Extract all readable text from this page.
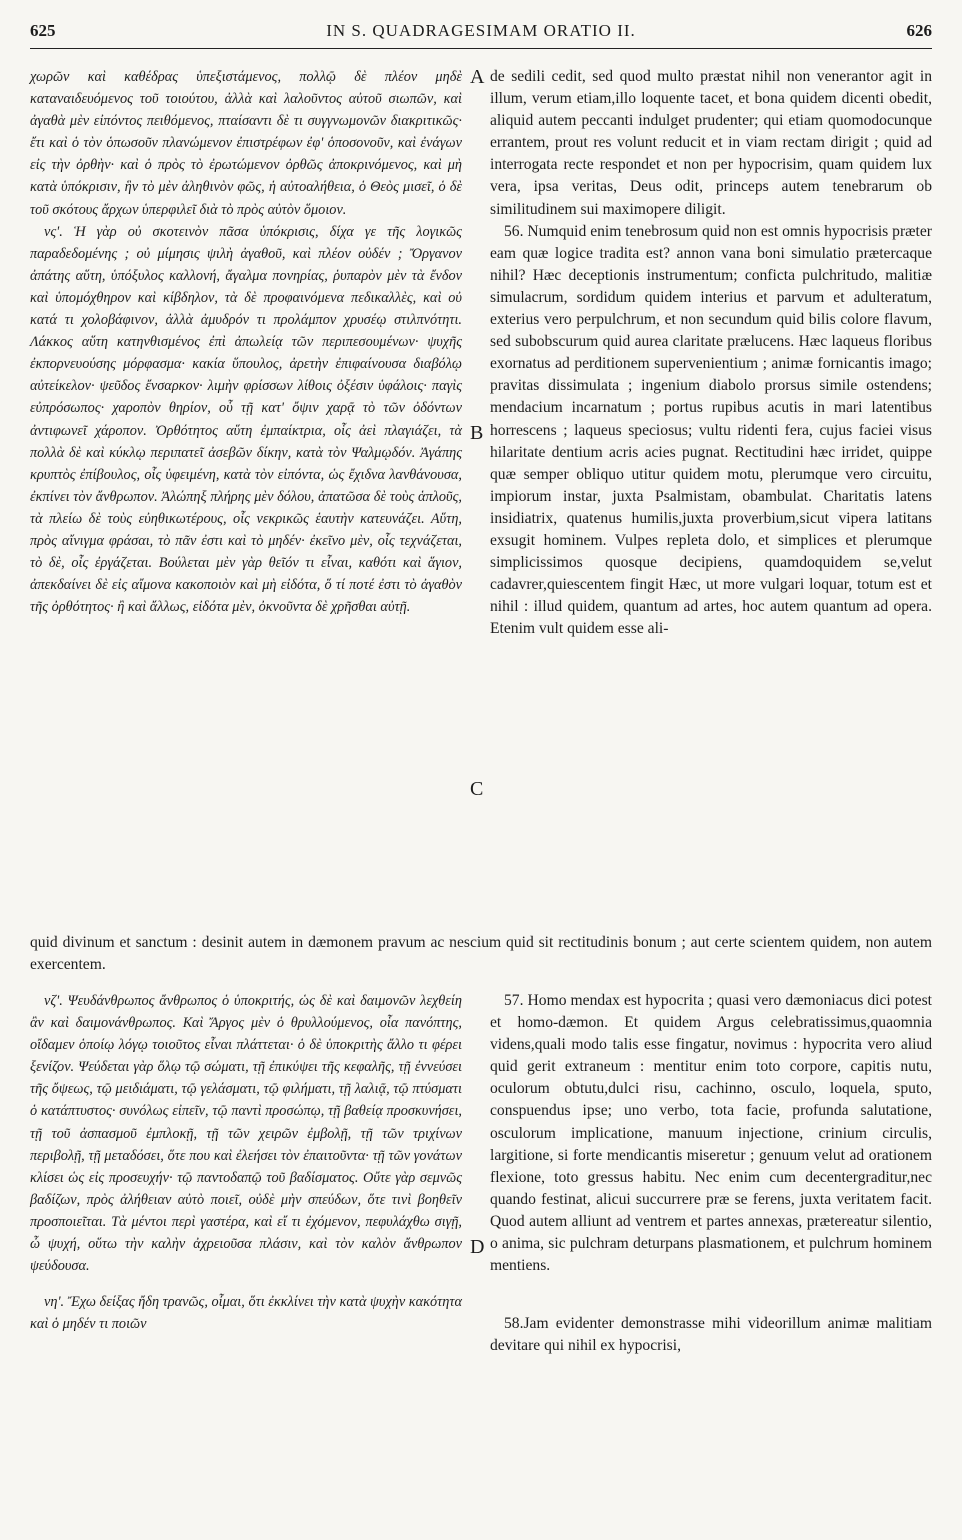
625	IN S. QUADRAGESIMAM ORATIO II.	626

χωρῶν καὶ καθέδρας ὑπεξιστάμενος, πολλῷ δὲ πλέον μηδὲ καταναιδευόμενος τοῦ τοιούτου, ἀλλὰ καὶ λαλοῦντος αὐτοῦ σιωπῶν, καὶ ἀγαθὰ μὲν εἰπόντος πειθόμενος, πταίσαντι δὲ τι συγγνωμονῶν διακριτικῶς· ἔτι καὶ ὁ τὸν ὁπωσοῦν πλανώμενον ἐπιστρέφων ἐφ' ὁποσονοῦν, καὶ ἐνάγων εἰς τὴν ὀρθὴν· καὶ ὁ πρὸς τὸ ἐρωτώμενον ὀρθῶς ἀποκρινόμενος, καὶ μὴ κατὰ ὑπόκρισιν, ἣν τὸ μὲν ἀληθινὸν φῶς, ἡ αὐτοαλήθεια, ὁ Θεὸς μισεῖ, ὁ δὲ τοῦ σκότους ἄρχων ὑπερφιλεῖ διὰ τὸ πρὸς αὐτὸν ὅμοιον.

νς'. Ἡ γὰρ οὐ σκοτεινὸν πᾶσα ὑπόκρισις, δίχα γε τῆς λογικῶς παραδεδομένης ; οὐ μίμησις ψιλὴ ἀγαθοῦ, καὶ πλέον οὐδέν ; Ὄργανον ἀπάτης αὕτη, ὑπόξυλος καλλονή, ἄγαλμα πονηρίας, ῥυπαρὸν μὲν τὰ ἔνδον καὶ ὑπομόχθηρον καὶ κίβδηλον, τὰ δὲ προφαινόμενα πεδικαλλὲς, καὶ οὐ κατά τι χολοβάφινον, ἀλλὰ ἀμυδρόν τι προλάμπον χρυσέῳ στιλπνότητι. Λάκκος αὕτη κατηνθισμένος ἐπὶ ἀπωλείᾳ τῶν περιπεσουμένων· ψυχῆς ἐκπορνευούσης μόρφασμα· κακία ὕπουλος, ἀρετὴν ἐπιφαίνουσα διαβόλῳ αὐτείκελον· ψεῦδος ἔνσαρκον· λιμὴν φρίσσων λίθοις ὀξέσιν ὑφάλοις· παγὶς εὐπρόσωπος· χαροπὸν θηρίον, οὗ τῇ κατ' ὄψιν χαρᾷ τὸ τῶν ὀδόντων ἀντιφωνεῖ χάροπον. Ὀρθότητος αὕτη ἐμπαίκτρια, οἷς ἀεὶ πλαγιάζει, τὰ πολλὰ δὲ καὶ κύκλῳ περιπατεῖ ἀσεβῶν δίκην, κατὰ τὸν Ψαλμῳδόν. Ἀγάπης κρυπτὸς ἐπίβουλος, οἷς ὑφειμένη, κατὰ τὸν εἰπόντα, ὡς ἔχιδνα λανθάνουσα, ἐκπίνει τὸν ἄνθρωπον. Ἀλώπηξ πλήρης μὲν δόλου, ἀπατῶσα δὲ τοὺς ἁπλοῦς, τὰ πλείω δὲ τοὺς εὐηθικωτέρους, οἷς νεκρικῶς ἑαυτὴν κατευνάζει. Αὕτη, πρὸς αἴνιγμα φράσαι, τὸ πᾶν ἐστι καὶ τὸ μηδέν· ἐκεῖνο μὲν, οἷς τεχνάζεται, τὸ δὲ, οἷς ἐργάζεται. Βούλεται μὲν γὰρ θεῖόν τι εἶναι, καθότι καὶ ἅγιον, ἀπεκδαίνει δὲ εἰς αἴμονα κακοποιὸν καὶ μὴ εἰδότα, ὅ τί ποτέ ἐστι τὸ ἀγαθὸν τῆς ὀρθότητος· ἢ καὶ ἄλλως, εἰδότα μὲν, ὀκνοῦντα δὲ χρῆσθαι αὐτῇ.

A
B
C

de sedili cedit, sed quod multo præstat nihil non venerantor agit in illum, verum etiam,illo loquente tacet, et bona quidem dicenti obedit, aliquid autem peccanti indulget prudenter; qui etiam quomodocunque errantem, prout res volunt reducit et in viam rectam dirigit ; quid ad interrogata recte respondet et non per hypocrisim, quam quidem lux vera, ipsa veritas, Deus odit, princeps autem tenebrarum ob similitudinem sui maximopere diligit.

56. Numquid enim tenebrosum quid non est omnis hypocrisis præter eam quæ logice tradita est? annon vana boni simulatio prætercaque nihil? Hæc deceptionis instrumentum; conficta pulchritudo, malitiæ simulacrum, sordidum quidem interius et parvum et adulteratum, exterius vero perpulchrum, et non secundum quid bilis colore flavum, sed subobscurum quid aurea claritate prælucens. Hæc laqueus floribus exornatus ad perditionem supervenientium ; animæ fornicantis imago; pravitas dissimulata ; ingenium diabolo prorsus simile ostendens; mendacium incarnatum ; portus rupibus acutis in mari latentibus horrescens ; laqueus speciosus; vultu ridenti fera, cujus faciei visus hilaritate dentium acris acies pugnat. Rectitudini hæc irridet, quippe quæ semper obliquo utitur quidem motu, plerumque vero circuitu, impiorum instar, juxta Psalmistam, obambulat. Charitatis latens insidiatrix, quatenus humilis,juxta proverbium,sicut vipera latitans exsugit hominem. Vulpes repleta dolo, et simplices et plerumque simplicissimos quosque decipiens, quamdoquidem se,velut cadavrer,quiescentem fingit Hæc, ut more vulgari loquar, totum est et nihil : illud quidem, quantum ad artes, hoc autem quantum ad opera. Etenim vult quidem esse ali-

quid divinum et sanctum : desinit autem in dæmonem pravum ac nescium quid sit rectitudinis bonum ; aut certe scientem quidem, non autem exercentem.

νζ'. Ψευδάνθρωπος ἄνθρωπος ὁ ὑποκριτής, ὡς δὲ καὶ δαιμονῶν λεχθείη ἂν καὶ δαιμονάνθρωπος. Καὶ Ἄργος μὲν ὁ θρυλλούμενος, οἷα πανόπτης, οἴδαμεν ὁποίῳ λόγῳ τοιοῦτος εἶναι πλάττεται· ὁ δὲ ὑποκριτὴς ἄλλο τι φέρει ξενίζον. Ψεύδεται γὰρ ὅλῳ τῷ σώματι, τῇ ἐπικύψει τῆς κεφαλῆς, τῇ ἐννεύσει τῆς ὄψεως, τῷ μειδιάματι, τῷ γελάσματι, τῷ φιλήματι, τῇ λαλιᾷ, τῷ πτύσματι ὁ κατάπτυστος· συνόλως εἰπεῖν, τῷ παντὶ προσώπῳ, τῇ βαθείᾳ προσκυνήσει, τῇ τοῦ ἀσπασμοῦ ἐμπλοκῇ, τῇ τῶν χειρῶν ἐμβολῇ, τῇ τῶν τριχίνων περιβολῇ, τῇ μεταδόσει, ὅτε που καὶ ἐλεήσει τὸν ἐπαιτοῦντα· τῇ τῶν γονάτων κλίσει ὡς εἰς προσευχήν· τῷ παντοδαπῷ τοῦ βαδίσματος. Οὔτε γὰρ σεμνῶς βαδίζων, πρὸς ἀλήθειαν αὐτὸ ποιεῖ, οὐδὲ μὴν σπεύδων, ὅτε τινὶ βοηθεῖν προσποιεῖται. Τὰ μέντοι περὶ γαστέρα, καὶ εἴ τι ἐχόμενον, πεφυλάχθω σιγῇ, ὦ ψυχή, οὕτω τὴν καλὴν ἀχρειοῦσα πλάσιν, καὶ τὸν καλὸν ἄνθρωπον ψεύδουσα.

νη'. Ἔχω δείξας ἤδη τρανῶς, οἶμαι, ὅτι ἐκκλίνει τὴν κατὰ ψυχὴν κακότητα καὶ ὁ μηδέν τι ποιῶν

D

57. Homo mendax est hypocrita ; quasi vero dæmoniacus dici potest et homo-dæmon. Et quidem Argus celebratissimus,quaomnia videns,quali modo talis esse fingatur, novimus : hypocrita vero aliud quid gerit extraneum : mentitur enim toto corpore, capitis nutu, oculorum obtutu,dulci risu, cachinno, osculo, loquela, sputo, conspuendus ipse; uno verbo, tota facie, profunda salutatione, osculorum implicatione, manuum injectione, crinium circulis, largitione, si forte mendicantis miseretur ; genuum velut ad orationem flexione, toto gressus habitu. Nec enim cum decentergraditur,nec quando festinat, alicui succurrere præ se ferens, juxta veritatem facit. Quod autem alliunt ad ventrem et partes annexas, prætereatur silentio, o anima, sic pulchram deturpans plasmationem, et pulchrum hominem mentiens.

58.Jam evidenter demonstrasse mihi videorillum animæ malitiam devitare qui nihil ex hypocrisi,
